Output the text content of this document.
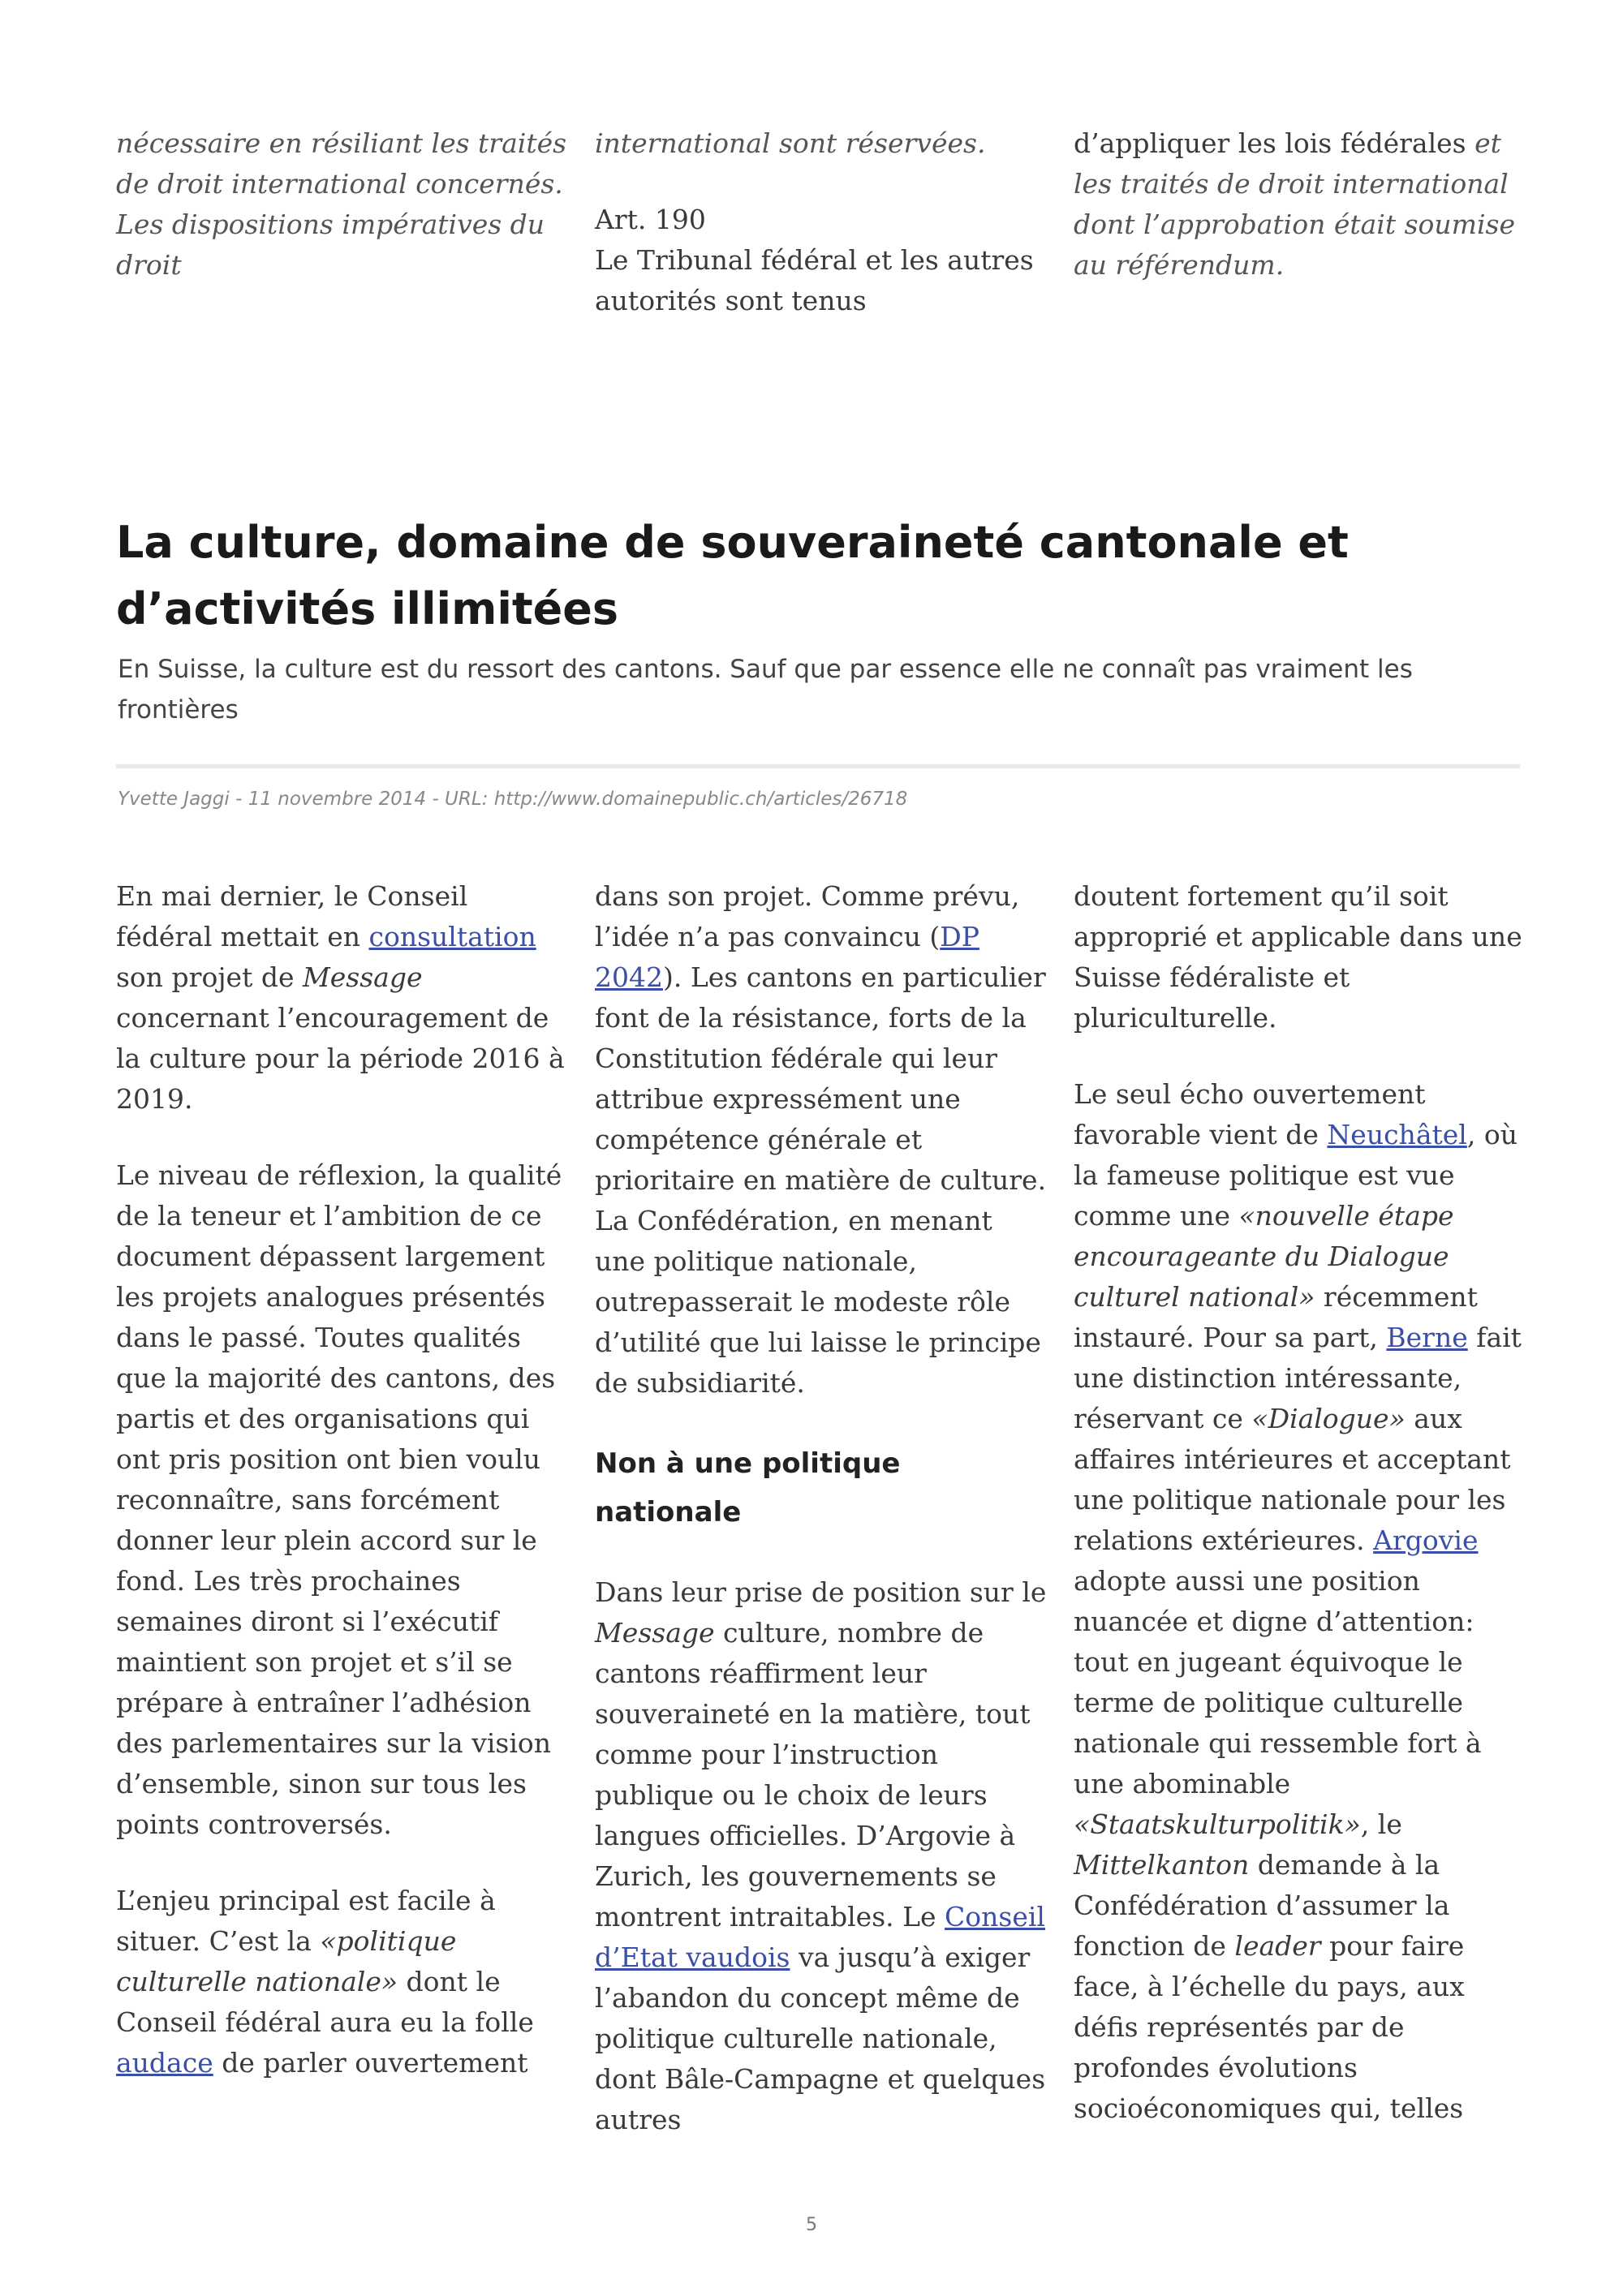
nécessaire en résiliant les traités de droit international concernés. Les dispositions impératives du droit

international sont réservées.

Art. 190
Le Tribunal fédéral et les autres autorités sont tenus

d’appliquer les lois fédérales et les traités de droit international dont l’approbation était soumise au référendum.

La culture, domaine de souveraineté cantonale et d’activités illimitées

En Suisse, la culture est du ressort des cantons. Sauf que par essence elle ne connaît pas vraiment les frontières

Yvette Jaggi - 11 novembre 2014 - URL: http://www.domainepublic.ch/articles/26718

En mai dernier, le Conseil fédéral mettait en consultation son projet de Message concernant l’encouragement de la culture pour la période 2016 à 2019.

Le niveau de réflexion, la qualité de la teneur et l’ambition de ce document dépassent largement les projets analogues présentés dans le passé. Toutes qualités que la majorité des cantons, des partis et des organisations qui ont pris position ont bien voulu reconnaître, sans forcément donner leur plein accord sur le fond. Les très prochaines semaines diront si l’exécutif maintient son projet et s’il se prépare à entraîner l’adhésion des parlementaires sur la vision d’ensemble, sinon sur tous les points controversés.

L’enjeu principal est facile à situer. C’est la «politique culturelle nationale» dont le Conseil fédéral aura eu la folle audace de parler ouvertement

dans son projet. Comme prévu, l’idée n’a pas convaincu (DP 2042). Les cantons en particulier font de la résistance, forts de la Constitution fédérale qui leur attribue expressément une compétence générale et prioritaire en matière de culture. La Confédération, en menant une politique nationale, outrepasserait le modeste rôle d’utilité que lui laisse le principe de subsidiarité.

Non à une politique nationale

Dans leur prise de position sur le Message culture, nombre de cantons réaffirment leur souveraineté en la matière, tout comme pour l’instruction publique ou le choix de leurs langues officielles. D’Argovie à Zurich, les gouvernements se montrent intraitables. Le Conseil d’Etat vaudois va jusqu’à exiger l’abandon du concept même de politique culturelle nationale, dont Bâle-Campagne et quelques autres

doutent fortement qu’il soit approprié et applicable dans une Suisse fédéraliste et pluriculturelle.

Le seul écho ouvertement favorable vient de Neuchâtel, où la fameuse politique est vue comme une «nouvelle étape encourageante du Dialogue culturel national» récemment instauré. Pour sa part, Berne fait une distinction intéressante, réservant ce «Dialogue» aux affaires intérieures et acceptant une politique nationale pour les relations extérieures. Argovie adopte aussi une position nuancée et digne d’attention: tout en jugeant équivoque le terme de politique culturelle nationale qui ressemble fort à une abominable «Staatskulturpolitik», le Mittelkanton demande à la Confédération d’assumer la fonction de leader pour faire face, à l’échelle du pays, aux défis représentés par de profondes évolutions socioéconomiques qui, telles

5
